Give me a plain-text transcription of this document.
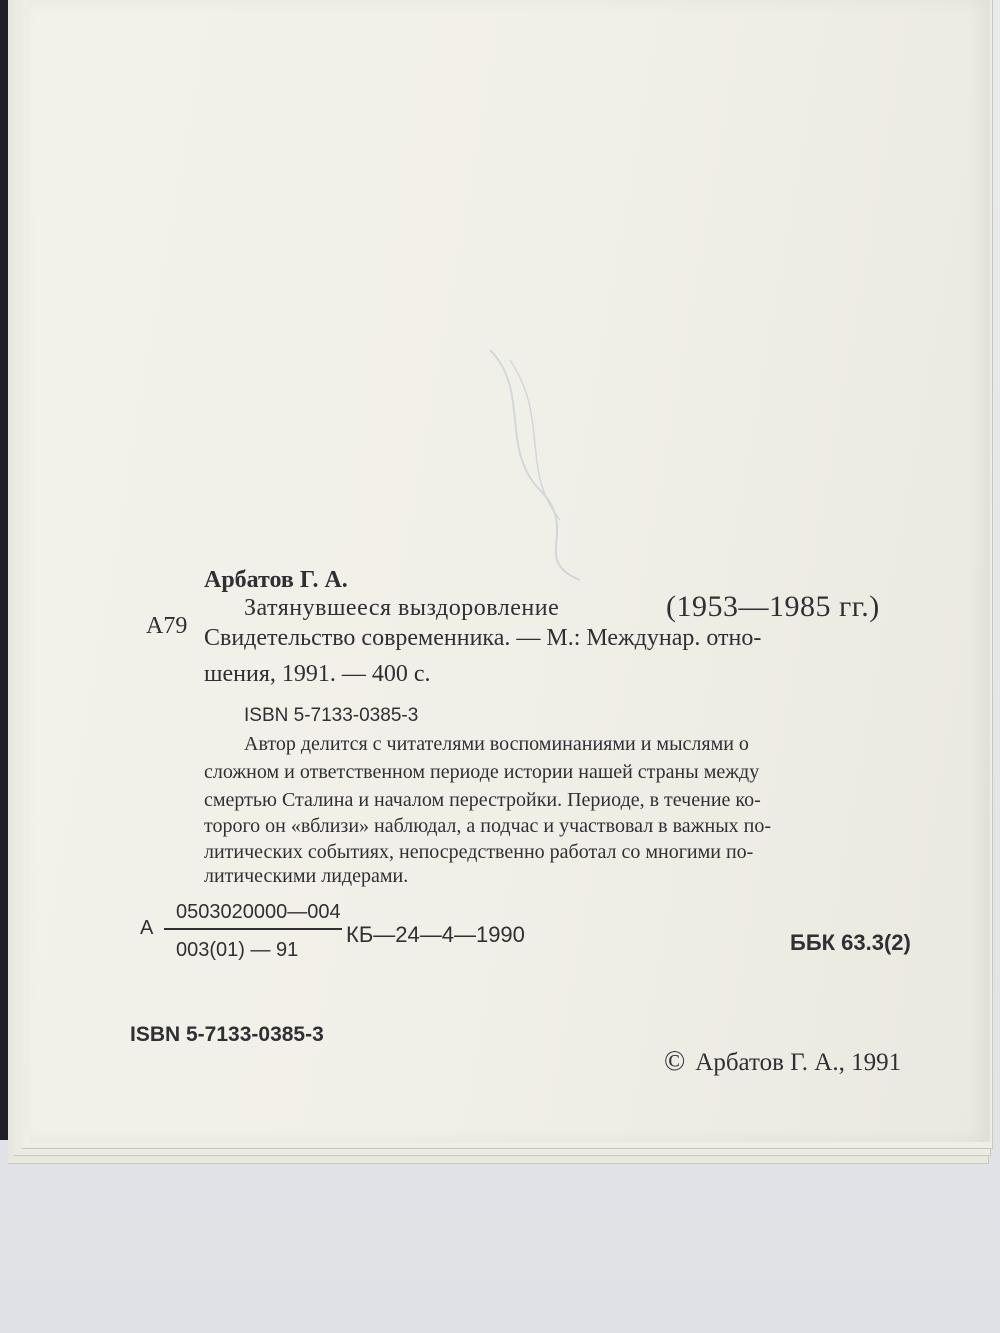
Арбатов Г. А.
Затянувшееся выздоровление	(1953—1985 гг.)
А79 Свидетельство современника. — М.: Междунар. отно-
шения, 1991. — 400 с.
ISBN 5-7133-0385-3
Автор делится с читателями воспоминаниями и мыслями о
сложном и ответственном периоде истории нашей страны между
смертью Сталина и началом перестройки. Периоде, в течение ко-
торого он «вблизи» наблюдал, а подчас и участвовал в важных по-
литических событиях, непосредственно работал со многими по-
литическими лидерами.
А
0503020000—004
003(01) — 91
КБ—24—4—1990	ББК 63.3(2)
ISBN 5-7133-0385-3
© Арбатов Г. А., 1991
